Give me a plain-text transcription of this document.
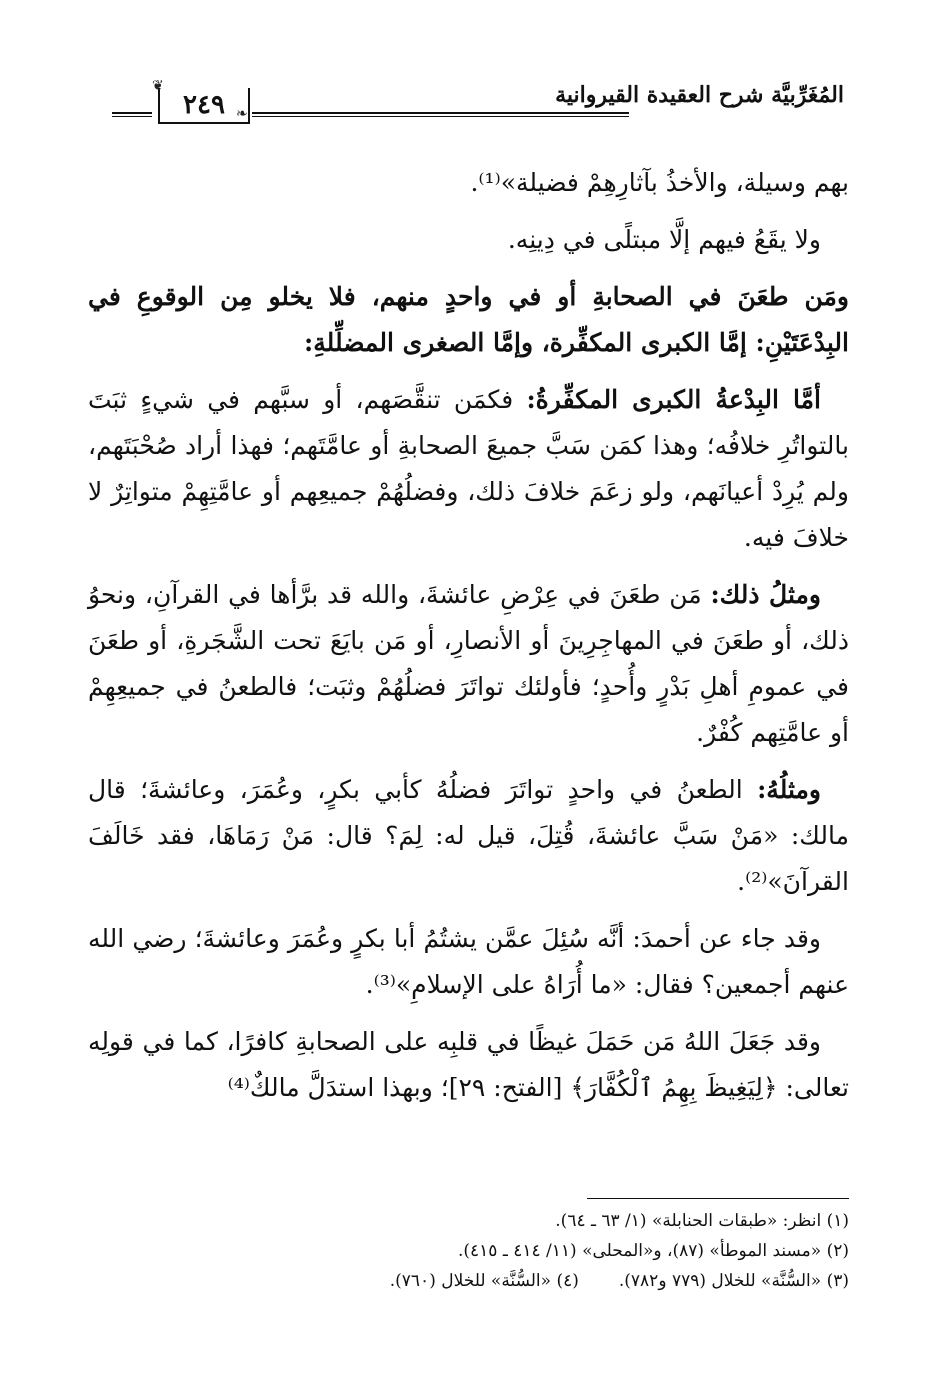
المُغَرِّبيَّة شرح العقيدة القيروانية
٢٤٩
❦
❧

بهم وسيلة، والأخذُ بآثارِهِمْ فضيلة»⁽¹⁾.

ولا يقَعُ فيهم إلَّا مبتلًى في دِينِه.

ومَن طعَنَ في الصحابةِ أو في واحدٍ منهم، فلا يخلو مِن الوقوعِ في البِدْعَتَيْنِ: إمَّا الكبرى المكفِّرة، وإمَّا الصغرى المضلِّلةِ:

أمَّا البِدْعةُ الكبرى المكفِّرةُ: فكمَن تنقَّصَهم، أو سبَّهم في شيءٍ ثبَتَ بالتواتُرِ خلافُه؛ وهذا كمَن سَبَّ جميعَ الصحابةِ أو عامَّتَهم؛ فهذا أراد صُحْبَتَهم، ولم يُرِدْ أعيانَهم، ولو زعَمَ خلافَ ذلك، وفضلُهُمْ جميعِهم أو عامَّتِهِمْ متواتِرٌ لا خلافَ فيه.

ومثلُ ذلك: مَن طعَنَ في عِرْضِ عائشةَ، والله قد برَّأها في القرآنِ، ونحوُ ذلك، أو طعَنَ في المهاجِرِينَ أو الأنصارِ، أو مَن بايَعَ تحت الشَّجَرةِ، أو طعَنَ في عمومِ أهلِ بَدْرٍ وأُحدٍ؛ فأولئك تواتَرَ فضلُهُمْ وثبَت؛ فالطعنُ في جميعِهِمْ أو عامَّتِهم كُفْرٌ.

ومثلُهُ: الطعنُ في واحدٍ تواتَرَ فضلُهُ كأبي بكرٍ، وعُمَرَ، وعائشةَ؛ قال مالك: «مَنْ سَبَّ عائشةَ، قُتِلَ، قيل له: لِمَ؟ قال: مَنْ رَمَاهَا، فقد خَالَفَ القرآنَ»⁽²⁾.

وقد جاء عن أحمدَ: أنَّه سُئِلَ عمَّن يشتُمُ أبا بكرٍ وعُمَرَ وعائشةَ؛ رضي الله عنهم أجمعين؟ فقال: «ما أُرَاهُ على الإسلامِ»⁽³⁾.

وقد جَعَلَ اللهُ مَن حَمَلَ غيظًا في قلبِه على الصحابةِ كافرًا، كما في قولِه تعالى: ﴿لِيَغِيظَ بِهِمُ ٱلْكُفَّارَ﴾ [الفتح: ٢٩]؛ وبهذا استدَلَّ مالكٌ⁽⁴⁾

(١) انظر: «طبقات الحنابلة» (١/ ٦٣ ـ ٦٤).
(٢) «مسند الموطأ» (٨٧)، و«المحلى» (١١/ ٤١٤ ـ ٤١٥).
(٣) «السُّنَّة» للخلال (٧٧٩ و٧٨٢).
(٤) «السُّنَّة» للخلال (٧٦٠).
